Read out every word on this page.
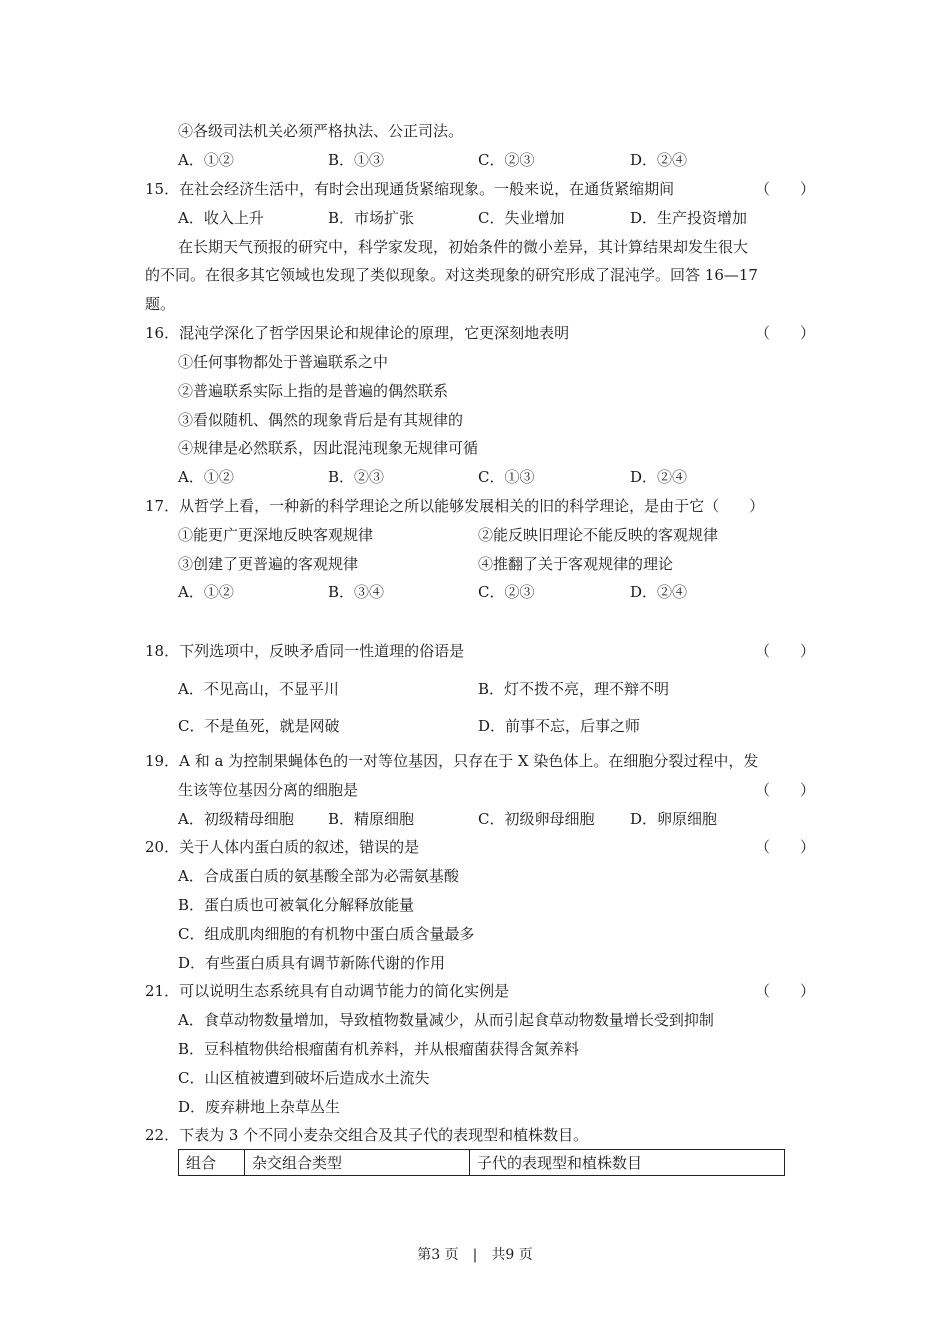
④各级司法机关必须严格执法、公正司法。
A．①②	B．①③	C．②③	D．②④
15．在社会经济生活中，有时会出现通货紧缩现象。一般来说，在通货紧缩期间	（　　）
A．收入上升	B．市场扩张	C．失业增加	D．生产投资增加
在长期天气预报的研究中，科学家发现，初始条件的微小差异，其计算结果却发生很大
的不同。在很多其它领域也发现了类似现象。对这类现象的研究形成了混沌学。回答 16—17
题。
16．混沌学深化了哲学因果论和规律论的原理，它更深刻地表明	（　　）
①任何事物都处于普遍联系之中
②普遍联系实际上指的是普遍的偶然联系
③看似随机、偶然的现象背后是有其规律的
④规律是必然联系，因此混沌现象无规律可循
A．①②	B．②③	C．①③	D．②④
17．从哲学上看，一种新的科学理论之所以能够发展相关的旧的科学理论，是由于它（　　）
①能更广更深地反映客观规律	②能反映旧理论不能反映的客观规律
③创建了更普遍的客观规律	④推翻了关于客观规律的理论
A．①②	B．③④	C．②③	D．②④
18．下列选项中，反映矛盾同一性道理的俗语是	（　　）
A．不见高山，不显平川	B．灯不拨不亮，理不辩不明
C．不是鱼死，就是网破	D．前事不忘，后事之师
19．A 和 a 为控制果蝇体色的一对等位基因，只存在于 X 染色体上。在细胞分裂过程中，发
生该等位基因分离的细胞是	（　　）
A．初级精母细胞 B．精原细胞	C．初级卵母细胞 D．卵原细胞
20．关于人体内蛋白质的叙述，错误的是	（　　）
A．合成蛋白质的氨基酸全部为必需氨基酸
B．蛋白质也可被氧化分解释放能量
C．组成肌肉细胞的有机物中蛋白质含量最多
D．有些蛋白质具有调节新陈代谢的作用
21．可以说明生态系统具有自动调节能力的简化实例是	（　　）
A．食草动物数量增加，导致植物数量减少，从而引起食草动物数量增长受到抑制
B．豆科植物供给根瘤菌有机养料，并从根瘤菌获得含氮养料
C．山区植被遭到破坏后造成水土流失
D．废弃耕地上杂草丛生
22．下表为 3 个不同小麦杂交组合及其子代的表现型和植株数目。
组合	杂交组合类型	子代的表现型和植株数目
第3 页　|　共9 页
